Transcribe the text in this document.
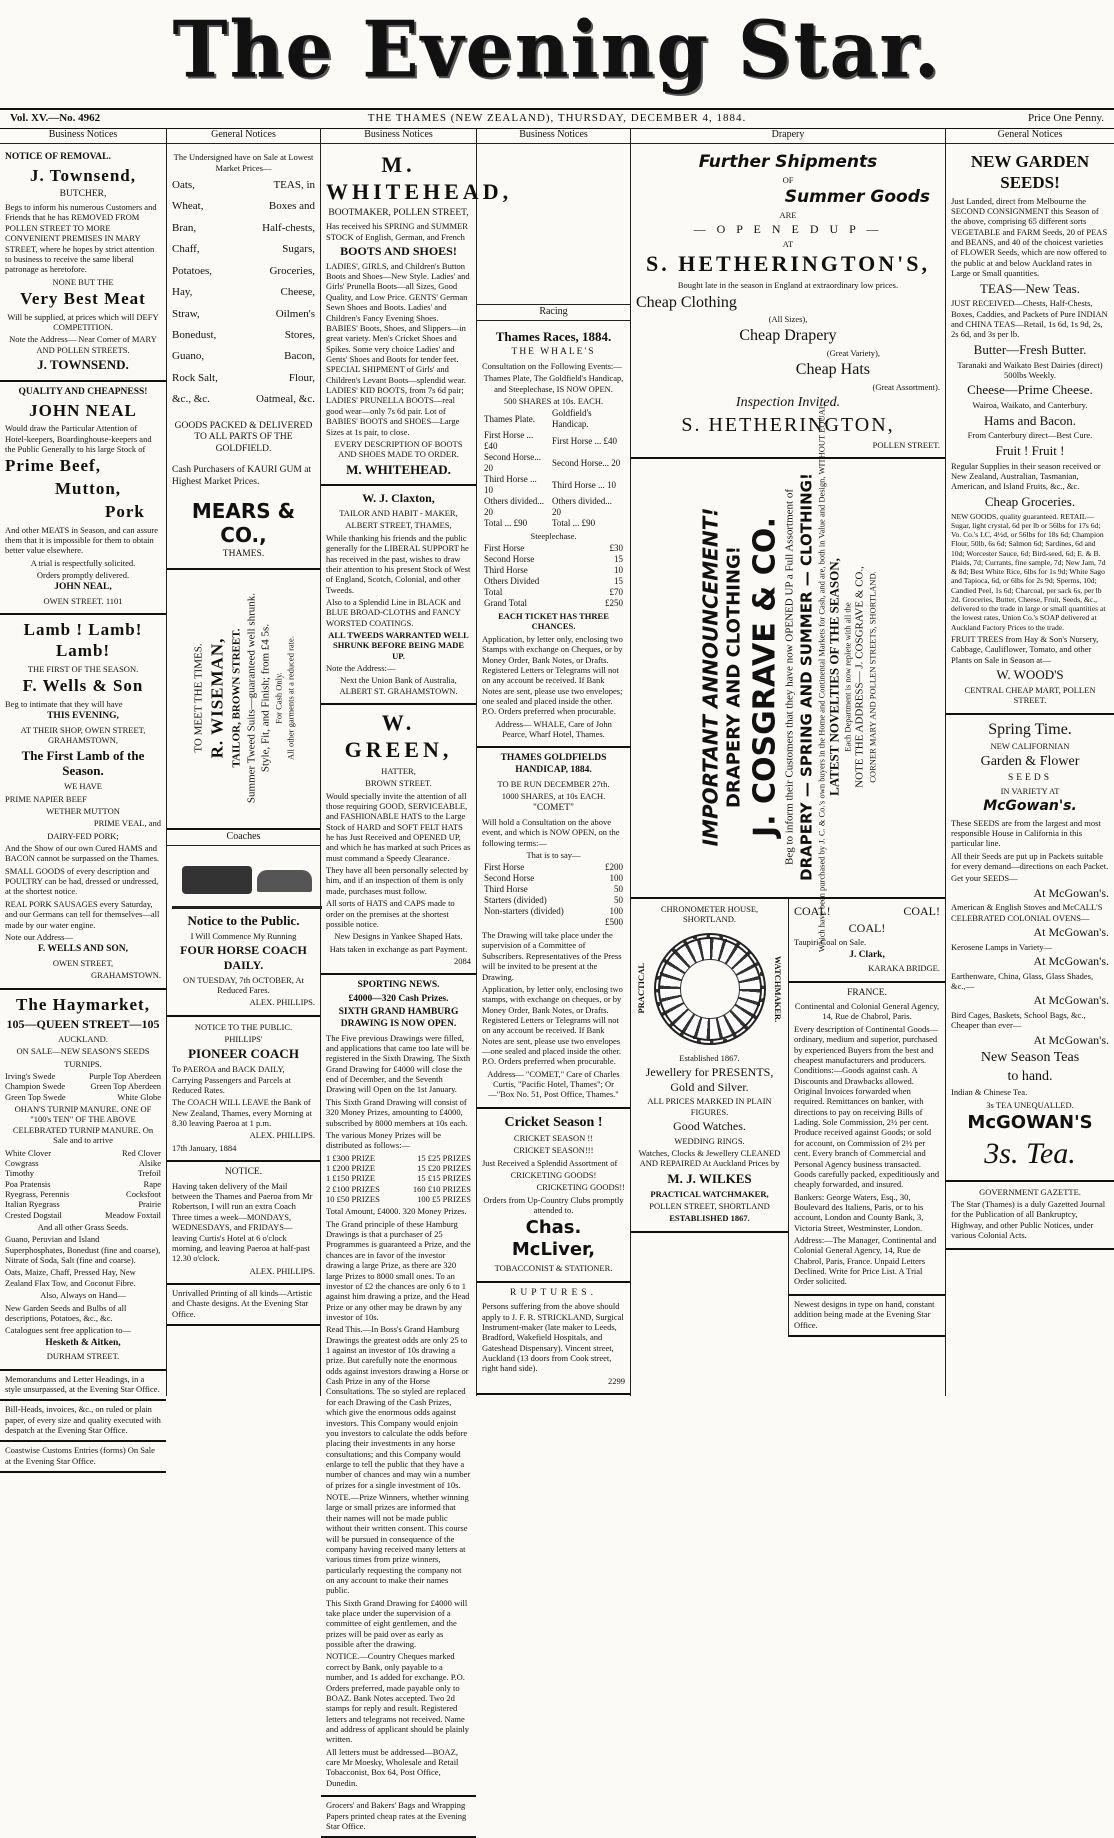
The Evening Star.
Vol. XV.—No. 4962	THE THAMES (NEW ZEALAND), THURSDAY, DECEMBER 4, 1884.	Price One Penny.
Business Notices

NOTICE OF REMOVAL.

J. Townsend,

BUTCHER,

Begs to inform his numerous Customers and Friends that he has REMOVED FROM POLLEN STREET TO MORE CONVENIENT PREMISES IN MARY STREET, where he hopes by strict attention to business to receive the same liberal patronage as heretofore.

NONE BUT THE

Very Best Meat

Will be supplied, at prices which will DEFY COMPETITION.

Note the Address— Near Corner of MARY AND POLLEN STREETS.

J. TOWNSEND.

QUALITY AND CHEAPNESS!

JOHN NEAL

Would draw the Particular Attention of Hotel-keepers, Boardinghouse-keepers and the Public Generally to his large Stock of

Prime Beef,

Mutton,

Pork

And other MEATS in Season, and can assure them that it is impossible for them to obtain better value elsewhere.

A trial is respectfully solicited.

Orders promptly delivered.

JOHN NEAL,

OWEN STREET. 1101

Lamb ! Lamb! Lamb!

THE FIRST OF THE SEASON.

F. Wells & Son

Beg to intimate that they will have

THIS EVENING,

AT THEIR SHOP, OWEN STREET, GRAHAMSTOWN,

The First Lamb of the Season.

WE HAVE

PRIME NAPIER BEEF

WETHER MUTTON

PRIME VEAL, and

DAIRY-FED PORK;

And the Show of our own Cured HAMS and BACON cannot be surpassed on the Thames.

SMALL GOODS of every description and POULTRY can be had, dressed or undressed, at the shortest notice.

REAL PORK SAUSAGES every Saturday, and our Germans can tell for themselves—all made by our water engine.

Note our Address—

F. WELLS AND SON,

OWEN STREET,

GRAHAMSTOWN.

The Haymarket,

105—QUEEN STREET—105

AUCKLAND.

ON SALE—NEW SEASON'S SEEDS

TURNIPS.

Irving's Swede	Purple Top Aberdeen
Champion Swede	Green Top Aberdeen
Green Top Swede	White Globe

OHAN'S TURNIP MANURE. ONE OF "100's TEN" OF THE ABOVE CELEBRATED TURNIP MANURE. On Sale and to arrive

White Clover	Red Clover
Cowgrass	Alsike
Timothy	Trefoil
Poa Pratensis	Rape
Ryegrass, Perennis	Cocksfoot
Italian Ryegrass	Prairie
Crested Dogstail	Meadow Foxtail

And all other Grass Seeds.

Guano, Peruvian and Island Superphosphates, Bonedust (fine and coarse), Nitrate of Soda, Salt (fine and coarse).

Oats, Maize, Chaff, Pressed Hay, New Zealand Flax Tow, and Coconut Fibre.

Also, Always on Hand—

New Garden Seeds and Bulbs of all descriptions, Potatoes, &c., &c.

Catalogues sent free application to—

Hesketh & Aitken,

DURHAM STREET.

Memorandums and Letter Headings, in a style unsurpassed, at the Evening Star Office.
Bill-Heads, invoices, &c., on ruled or plain paper, of every size and quality executed with despatch at the Evening Star Office.
Coastwise Customs Entries (forms) On Sale at the Evening Star Office.
General Notices

The Undersigned have on Sale at Lowest Market Prices—

Oats,	TEAS, in
Wheat,	Boxes and
Bran,	Half-chests,
Chaff,	Sugars,
Potatoes,	Groceries,
Hay,	Cheese,
Straw,	Oilmen's
Bonedust,	Stores,
Guano,	Bacon,
Rock Salt,	Flour,
&c., &c.	Oatmeal, &c.

GOODS PACKED & DELIVERED TO ALL PARTS OF THE GOLDFIELD.

Cash Purchasers of KAURI GUM at Highest Market Prices.

MEARS & CO.,

THAMES.

TO MEET THE TIMES. R. WISEMAN, TAILOR, BROWN STREET. Summer Tweed Suits—guaranteed well shrunk. Style, Fit, and Finish; from £4 5s. For Cash Only. All other garments at a reduced rate.
Coaches

Notice to the Public.

I Will Commence My Running

FOUR HORSE COACH DAILY.

ON TUESDAY, 7th OCTOBER, At Reduced Fares.

ALEX. PHILLIPS.

NOTICE TO THE PUBLIC.

PHILLIPS'

PIONEER COACH

To PAEROA and BACK DAILY, Carrying Passengers and Parcels at Reduced Rates.

The COACH WILL LEAVE the Bank of New Zealand, Thames, every Morning at 8.30 leaving Paeroa at 1 p.m.

ALEX. PHILLIPS.

17th January, 1884

NOTICE.

Having taken delivery of the Mail between the Thames and Paeroa from Mr Robertson, I will run an extra Coach Three times a week—MONDAYS, WEDNESDAYS, and FRIDAYS—leaving Curtis's Hotel at 6 o'clock morning, and leaving Paeroa at half-past 12.30 o'clock.

ALEX. PHILLIPS.

Unrivalled Printing of all kinds—Artistic and Chaste designs. At the Evening Star Office.
Business Notices

M. WHITEHEAD,

BOOTMAKER, POLLEN STREET,

Has received his SPRING and SUMMER STOCK of English, German, and French

BOOTS AND SHOES!

LADIES', GIRLS, and Children's Button Boots and Shoes—New Style. Ladies' and Girls' Prunella Boots—all Sizes, Good Quality, and Low Price. GENTS' German Sewn Shoes and Boots. Ladies' and Children's Fancy Evening Shoes. BABIES' Boots, Shoes, and Slippers—in great variety. Men's Cricket Shoes and Spikes. Some very choice Ladies' and Gents' Shoes and Boots for tender feet. SPECIAL SHIPMENT of Girls' and Children's Levant Boots—splendid wear. LADIES' KID BOOTS, from 7s 6d pair; LADIES' PRUNELLA BOOTS—real good wear—only 7s 6d pair. Lot of BABIES' BOOTS and SHOES—Large Sizes at 1s pair, to close.

EVERY DESCRIPTION OF BOOTS AND SHOES MADE TO ORDER.

M. WHITEHEAD.

W. J. Claxton,

TAILOR AND HABIT - MAKER,

ALBERT STREET, THAMES,

While thanking his friends and the public generally for the LIBERAL SUPPORT he has received in the past, wishes to draw their attention to his present Stock of West of England, Scotch, Colonial, and other Tweeds.

Also to a Splendid Line in BLACK and BLUE BROAD-CLOTHS and FANCY WORSTED COATINGS.

ALL TWEEDS WARRANTED WELL SHRUNK BEFORE BEING MADE UP.

Note the Address:—

Next the Union Bank of Australia, ALBERT ST. GRAHAMSTOWN.

W. GREEN,

HATTER,

BROWN STREET.

Would specially invite the attention of all those requiring GOOD, SERVICEABLE, and FASHIONABLE HATS to the Large Stock of HARD and SOFT FELT HATS he has Just Received and OPENED UP, and which he has marked at such Prices as must command a Speedy Clearance.

They have all been personally selected by him, and if an inspection of them is only made, purchases must follow.

All sorts of HATS and CAPS made to order on the premises at the shortest possible notice.

New Designs in Yankee Shaped Hats.

Hats taken in exchange as part Payment.

2084

SPORTING NEWS.

£4000—320 Cash Prizes.

SIXTH GRAND HAMBURG DRAWING IS NOW OPEN.

The Five previous Drawings were filled, and applications that came too late will be registered in the Sixth Drawing. The Sixth Grand Drawing for £4000 will close the end of December, and the Seventh Drawing will Open on the 1st January.

This Sixth Grand Drawing will consist of 320 Money Prizes, amounting to £4000, subscribed by 8000 members at 10s each.

The various Money Prizes will be distributed as follows:—

1 £300 PRIZE	15 £25 PRIZES
1 £200 PRIZE	15 £20 PRIZES
1 £150 PRIZE	15 £15 PRIZES
2 £100 PRIZES	160 £10 PRIZES
10 £50 PRIZES	100 £5 PRIZES

Total Amount, £4000. 320 Money Prizes.

The Grand principle of these Hamburg Drawings is that a purchaser of 25 Programmes is guaranteed a Prize, and the chances are in favor of the investor drawing a large Prize, as there are 320 large Prizes to 8000 small ones. To an investor of £2 the chances are only 6 to 1 against him drawing a prize, and the Head Prize or any other may be drawn by any investor of 10s.

Read This.—In Boss's Grand Hamburg Drawings the greatest odds are only 25 to 1 against an investor of 10s drawing a prize. But carefully note the enormous odds against investors drawing a Horse or Cash Prize in any of the Horse Consultations. The so styled are replaced for each Drawing of the Cash Prizes, which give the enormous odds against investors. This Company would enjoin you investors to calculate the odds before placing their investments in any horse consultations; and this Company would enlarge to tell the public that they have a number of chances and may win a number of prizes for a single investment of 10s.

NOTE.—Prize Winners, whether winning large or small prizes are informed that their names will not be made public without their written consent. This course will be pursued in consequence of the company having received many letters at various times from prize winners, particularly requesting the company not on any account to make their names public.

This Sixth Grand Drawing for £4000 will take place under the supervision of a committee of eight gentlemen, and the prizes will be paid over as early as possible after the drawing.

NOTICE.—Country Cheques marked correct by Bank, only payable to a number, and 1s added for exchange. P.O. Orders preferred, made payable only to BOAZ. Bank Notes accepted. Two 2d stamps for reply and result. Registered letters and telegrams not received. Name and address of applicant should be plainly written.

All letters must be addressed—BOAZ, care Mr Moesky, Wholesale and Retail Tobacconist, Box 64, Post Office, Dunedin.

Grocers' and Bakers' Bags and Wrapping Papers printed cheap rates at the Evening Star Office.
Business Notices
Racing

Thames Races, 1884.

THE WHALE'S

Consultation on the Following Events:—

Thames Plate, The Goldfield's Handicap, and Steeplechase, IS NOW OPEN.

500 SHARES at 10s. EACH.

Thames Plate.	Goldfield's Handicap.
First Horse ... £40	First Horse ... £40
Second Horse... 20	Second Horse... 20
Third Horse ... 10	Third Horse ... 10
Others divided... 20	Others divided... 20
Total ... £90	Total ... £90

Steeplechase.

First Horse	£30
Second Horse	15
Third Horse	10
Others Divided	15
Total	£70
Grand Total	£250

EACH TICKET HAS THREE CHANCES.

Application, by letter only, enclosing two Stamps with exchange on Cheques, or by Money Order, Bank Notes, or Drafts. Registered Letters or Telegrams will not on any account be received. If Bank Notes are sent, please use two envelopes; one sealed and placed inside the other. P.O. Orders preferred when procurable.

Address— WHALE, Care of John Pearce, Wharf Hotel, Thames.

THAMES GOLDFIELDS HANDICAP, 1884.

TO BE RUN DECEMBER 27th.

1000 SHARES, at 10s EACH.

"COMET"

Will hold a Consultation on the above event, and which is NOW OPEN, on the following terms:—

That is to say—

First Horse	£200
Second Horse	100
Third Horse	50
Starters (divided)	50
Non-starters (divided)	100
	£500

The Drawing will take place under the supervision of a Committee of Subscribers. Representatives of the Press will be invited to be present at the Drawing.

Application, by letter only, enclosing two stamps, with exchange on cheques, or by Money Order, Bank Notes, or Drafts. Registered Letters or Telegrams will not on any account be received. If Bank Notes are sent, please use two envelopes—one sealed and placed inside the other. P.O. Orders preferred when procurable.

Address— "COMET," Care of Charles Curtis, "Pacific Hotel, Thames"; Or—"Box No. 51, Post Office, Thames."

Cricket Season !

CRICKET SEASON !!

CRICKET SEASON!!!

Just Received a Splendid Assortment of

CRICKETING GOODS!

CRICKETING GOODS!!

Orders from Up-Country Clubs promptly attended to.

Chas. McLiver,

TOBACCONIST & STATIONER.

RUPTURES.

Persons suffering from the above should apply to J. F. R. STRICKLAND, Surgical Instrument-maker (late maker to Leeds, Bradford, Wakefield Hospitals, and Gateshead Dispensary). Vincent street, Auckland (13 doors from Cook street, right hand side).

2299

Drapery

Further Shipments

OF

Summer Goods

ARE

— O P E N E D U P —

AT

S. HETHERINGTON'S,

Bought late in the season in England at extraordinary low prices.

Cheap Clothing

(All Sizes),

Cheap Drapery

(Great Variety),

Cheap Hats

(Great Assortment).

Inspection Invited.

S. HETHERINGTON,

POLLEN STREET.

IMPORTANT ANNOUNCEMENT! DRAPERY AND CLOTHING! J. COSGRAVE & CO. Beg to inform their Customers that they have now OPENED UP a Full Assortment of DRAPERY — SPRING AND SUMMER — CLOTHING! Which have been purchased by J. C. & Co.'s own buyers in the Home and Continental Markets for Cash, and are, both in Value and Design, WITHOUT EQUAL. LATEST NOVELTIES OF THE SEASON, Each Department is now replete with all the NOTE THE ADDRESS— J. COSGRAVE & CO., CORNER MARY AND POLLEN STREETS, SHORTLAND.

CHRONOMETER HOUSE, SHORTLAND.

PRACTICAL	WATCHMAKER.

Established 1867.

Jewellery for PRESENTS, Gold and Silver.

ALL PRICES MARKED IN PLAIN FIGURES.

Good Watches.

WEDDING RINGS.

Watches, Clocks & Jewellery CLEANED AND REPAIRED At Auckland Prices by

M. J. WILKES

PRACTICAL WATCHMAKER,

POLLEN STREET, SHORTLAND

ESTABLISHED 1867.

COAL!	COAL!

COAL!

Taupiri Coal on Sale.

J. Clark,

KARAKA BRIDGE.

FRANCE.

Continental and Colonial General Agency, 14, Rue de Chabrol, Paris.

Every description of Continental Goods—ordinary, medium and superior, purchased by experienced Buyers from the best and cheapest manufacturers and producers. Conditions:—Goods against cash. A Discounts and Drawbacks allowed. Original Invoices forwarded when required. Remittances on banker, with directions to pay on receiving Bills of Lading. Sole Commission, 2½ per cent. Produce received against Goods; or sold for account, on Commission of 2½ per cent. Every branch of Commercial and Personal Agency business transacted. Goods carefully packed, expeditiously and cheaply forwarded, and insured.

Bankers: George Waters, Esq., 30, Boulevard des Italiens, Paris, or to his account, London and County Bank, 3, Victoria Street, Westminster, London.

Address:—The Manager, Continental and Colonial General Agency, 14, Rue de Chabrol, Paris, France. Unpaid Letters Declined. Write for Price List. A Trial Order solicited.

Newest designs in type on hand, constant addition being made at the Evening Star Office.
General Notices

NEW GARDEN SEEDS!

Just Landed, direct from Melbourne the SECOND CONSIGNMENT this Season of the above, comprising 65 different sorts VEGETABLE and FARM Seeds, 20 of PEAS and BEANS, and 40 of the choicest varieties of FLOWER Seeds, which are now offered to the public at and below Auckland rates in Large or Small quantities.

TEAS—New Teas.

JUST RECEIVED—Chests, Half-Chests, Boxes, Caddies, and Packets of Pure INDIAN and CHINA TEAS—Retail, 1s 6d, 1s 9d, 2s, 2s 6d, and 3s per lb.

Butter—Fresh Butter.

Taranaki and Waikato Best Dairies (direct) 500lbs Weekly.

Cheese—Prime Cheese.

Wairoa, Waikato, and Canterbury.

Hams and Bacon.

From Canterbury direct—Best Cure.

Fruit ! Fruit !

Regular Supplies in their season received or New Zealand, Australian, Tasmanian, American, and Island Fruits, &c., &c.

Cheap Groceries.

NEW GOODS, quality guaranteed. RETAIL—Sugar, light crystal, 6d per lb or 56lbs for 17s 6d; Vo. Co.'s LC, 4½d, or 56lbs for 18s 6d; Champion Flour, 50lb, 6s 6d; Salmon 6d; Sardines, 6d and 10d; Worcester Sauce, 6d; Bird-seed, 6d; E. & B. Plaids, 7d; Currants, fine sample, 7d; New Jam, 7d & 8d; Best White Rice, 6lbs for 1s 9d; White Sago and Tapioca, 6d, or 6lbs for 2s 9d; Sperms, 10d; Candied Peel, 1s 6d; Charcoal, per sack 6s, per lb 2d. Groceries, Butter, Cheese, Fruit, Seeds, &c., delivered to the trade in large or small quantities at the lowest rates, Union Co.'s SOAP delivered at Auckland Factory Prices to the trade.

FRUIT TREES from Hay & Son's Nursery, Cabbage, Cauliflower, Tomato, and other Plants on Sale in Season at—

W. WOOD'S

CENTRAL CHEAP MART, POLLEN STREET.

Spring Time.

NEW CALIFORNIAN

Garden & Flower

SEEDS

IN VARIETY AT

McGowan's.

These SEEDS are from the largest and most responsible House in California in this particular line.

All their Seeds are put up in Packets suitable for every demand—directions on each Packet.

Get your SEEDS—

At McGowan's.

American & English Stoves and McCALL'S CELEBRATED COLONIAL OVENS—

At McGowan's.

Kerosene Lamps in Variety—

At McGowan's.

Earthenware, China, Glass, Glass Shades, &c.,—

At McGowan's.

Bird Cages, Baskets, School Bags, &c., Cheaper than ever—

At McGowan's.

New Season Teas

to hand.

Indian & Chinese Tea.

3s TEA UNEQUALLED.

McGOWAN'S

3s. Tea.

GOVERNMENT GAZETTE.

The Star (Thames) is a duly Gazetted Journal for the Publication of all Bankruptcy, Highway, and other Public Notices, under various Colonial Acts.
